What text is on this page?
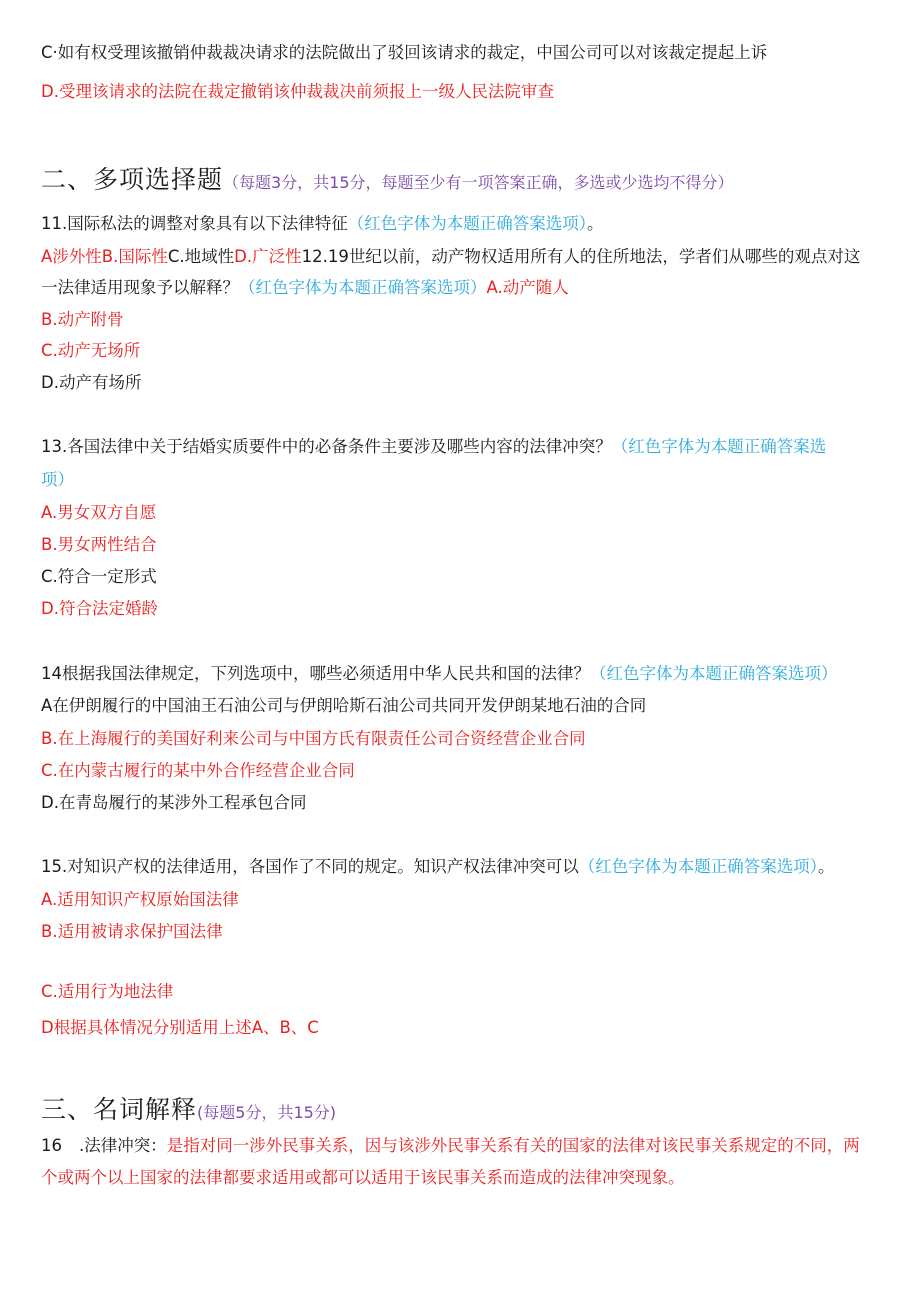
C·如有权受理该撤销仲裁裁决请求的法院做出了驳回该请求的裁定，中国公司可以对该裁定提起上诉
D.受理该请求的法院在裁定撤销该仲裁裁决前须报上一级人民法院审查
二、多项选择题（每题3分，共15分，每题至少有一项答案正确，多选或少选均不得分）
11.国际私法的调整对象具有以下法律特征（红色字体为本题正确答案选项）。
A涉外性B.国际性C.地域性D.广泛性12.19世纪以前，动产物权适用所有人的住所地法，学者们从哪些的观点对这
一法律适用现象予以解释？（红色字体为本题正确答案选项）A.动产随人
B.动产附骨
C.动产无场所
D.动产有场所
13.各国法律中关于结婚实质要件中的必备条件主要涉及哪些内容的法律冲突？（红色字体为本题正确答案选
项）
A.男女双方自愿
B.男女两性结合
C.符合一定形式
D.符合法定婚龄
14根据我国法律规定，下列选项中，哪些必须适用中华人民共和国的法律？（红色字体为本题正确答案选项）
A在伊朗履行的中国油王石油公司与伊朗哈斯石油公司共同开发伊朗某地石油的合同
B.在上海履行的美国好利来公司与中国方氏有限责任公司合资经营企业合同
C.在内蒙古履行的某中外合作经营企业合同
D.在青岛履行的某涉外工程承包合同
15.对知识产权的法律适用，各国作了不同的规定。知识产权法律冲突可以（红色字体为本题正确答案选项）。
A.适用知识产权原始国法律
B.适用被请求保护国法律
C.适用行为地法律
D根据具体情况分别适用上述A、B、C
三、名词解释(每题5分，共15分)
16 .法律冲突：是指对同一涉外民事关系，因与该涉外民事关系有关的国家的法律对该民事关系规定的不同，两
个或两个以上国家的法律都要求适用或都可以适用于该民事关系而造成的法律冲突现象。
